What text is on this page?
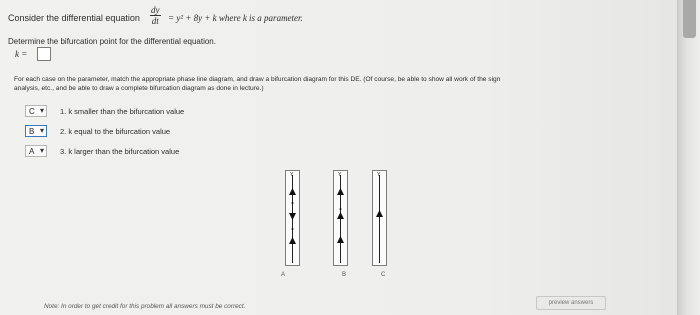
Consider the differential equation $\frac{dy}{dt} = y^2 + 8y + k$ where k is a parameter.
Determine the bifurcation point for the differential equation.
k =
For each case on the parameter, match the appropriate phase line diagram, and draw a bifurcation diagram for this DE. (Of course, be able to show all work of the sign
analysis, etc., and be able to draw a complete bifurcation diagram as done in lecture.)
C ▾ 1. k smaller than the bifurcation value
B ▾ 2. k equal to the bifurcation value
A ▾ 3. k larger than the bifurcation value
Y
A
Y
B
Y
C
Note: In order to get credit for this problem all answers must be correct.	preview answers
